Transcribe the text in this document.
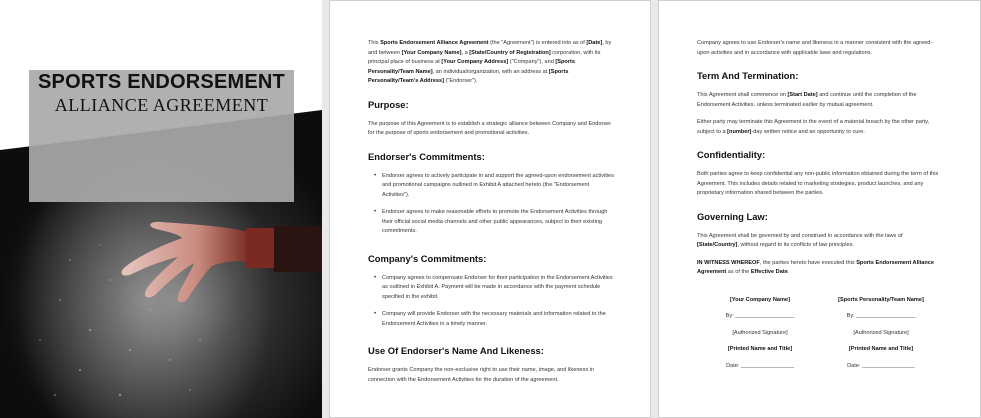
SPORTS ENDORSEMENT
ALLIANCE AGREEMENT

This Sports Endorsement Alliance Agreement (the "Agreement") is entered into as of [Date], by and between [Your Company Name], a [State/Country of Registration] corporation, with its principal place of business at [Your Company Address] ("Company"), and [Sports Personality/Team Name], an individual/organization, with an address at [Sports Personality/Team's Address] ("Endorser").

Purpose:

The purpose of this Agreement is to establish a strategic alliance between Company and Endorser for the purpose of sports endorsement and promotional activities.

Endorser's Commitments:
• Endorser agrees to actively participate in and support the agreed-upon endorsement activities and promotional campaigns outlined in Exhibit A attached hereto (the "Endorsement Activities").
• Endorser agrees to make reasonable efforts to promote the Endorsement Activities through their official social media channels and other public appearances, subject to their existing commitments.
Company's Commitments:
• Company agrees to compensate Endorser for their participation in the Endorsement Activities as outlined in Exhibit A. Payment will be made in accordance with the payment schedule specified in the exhibit.
• Company will provide Endorser with the necessary materials and information related to the Endorsement Activities in a timely manner.
Use Of Endorser's Name And Likeness:

Endorser grants Company the non-exclusive right to use their name, image, and likeness in connection with the Endorsement Activities for the duration of the agreement.

Company agrees to use Endorser's name and likeness in a manner consistent with the agreed-upon activities and in accordance with applicable laws and regulations.

Term And Termination:

This Agreement shall commence on [Start Date] and continue until the completion of the Endorsement Activities, unless terminated earlier by mutual agreement.

Either party may terminate this Agreement in the event of a material breach by the other party, subject to a [number]-day written notice and an opportunity to cure.

Confidentiality:

Both parties agree to keep confidential any non-public information obtained during the term of this Agreement. This includes details related to marketing strategies, product launches, and any proprietary information shared between the parties.

Governing Law:

This Agreement shall be governed by and construed in accordance with the laws of [State/Country], without regard to its conflicts of law principles.

IN WITNESS WHEREOF, the parties hereto have executed this Sports Endorsement Alliance Agreement as of the Effective Date.

[Your Company Name]

By: ___________________

[Authorized Signature]

[Printed Name and Title]

Date: _________________

[Sports Personality/Team Name]

By: ___________________

[Authorized Signature]

[Printed Name and Title]

Date: _________________
